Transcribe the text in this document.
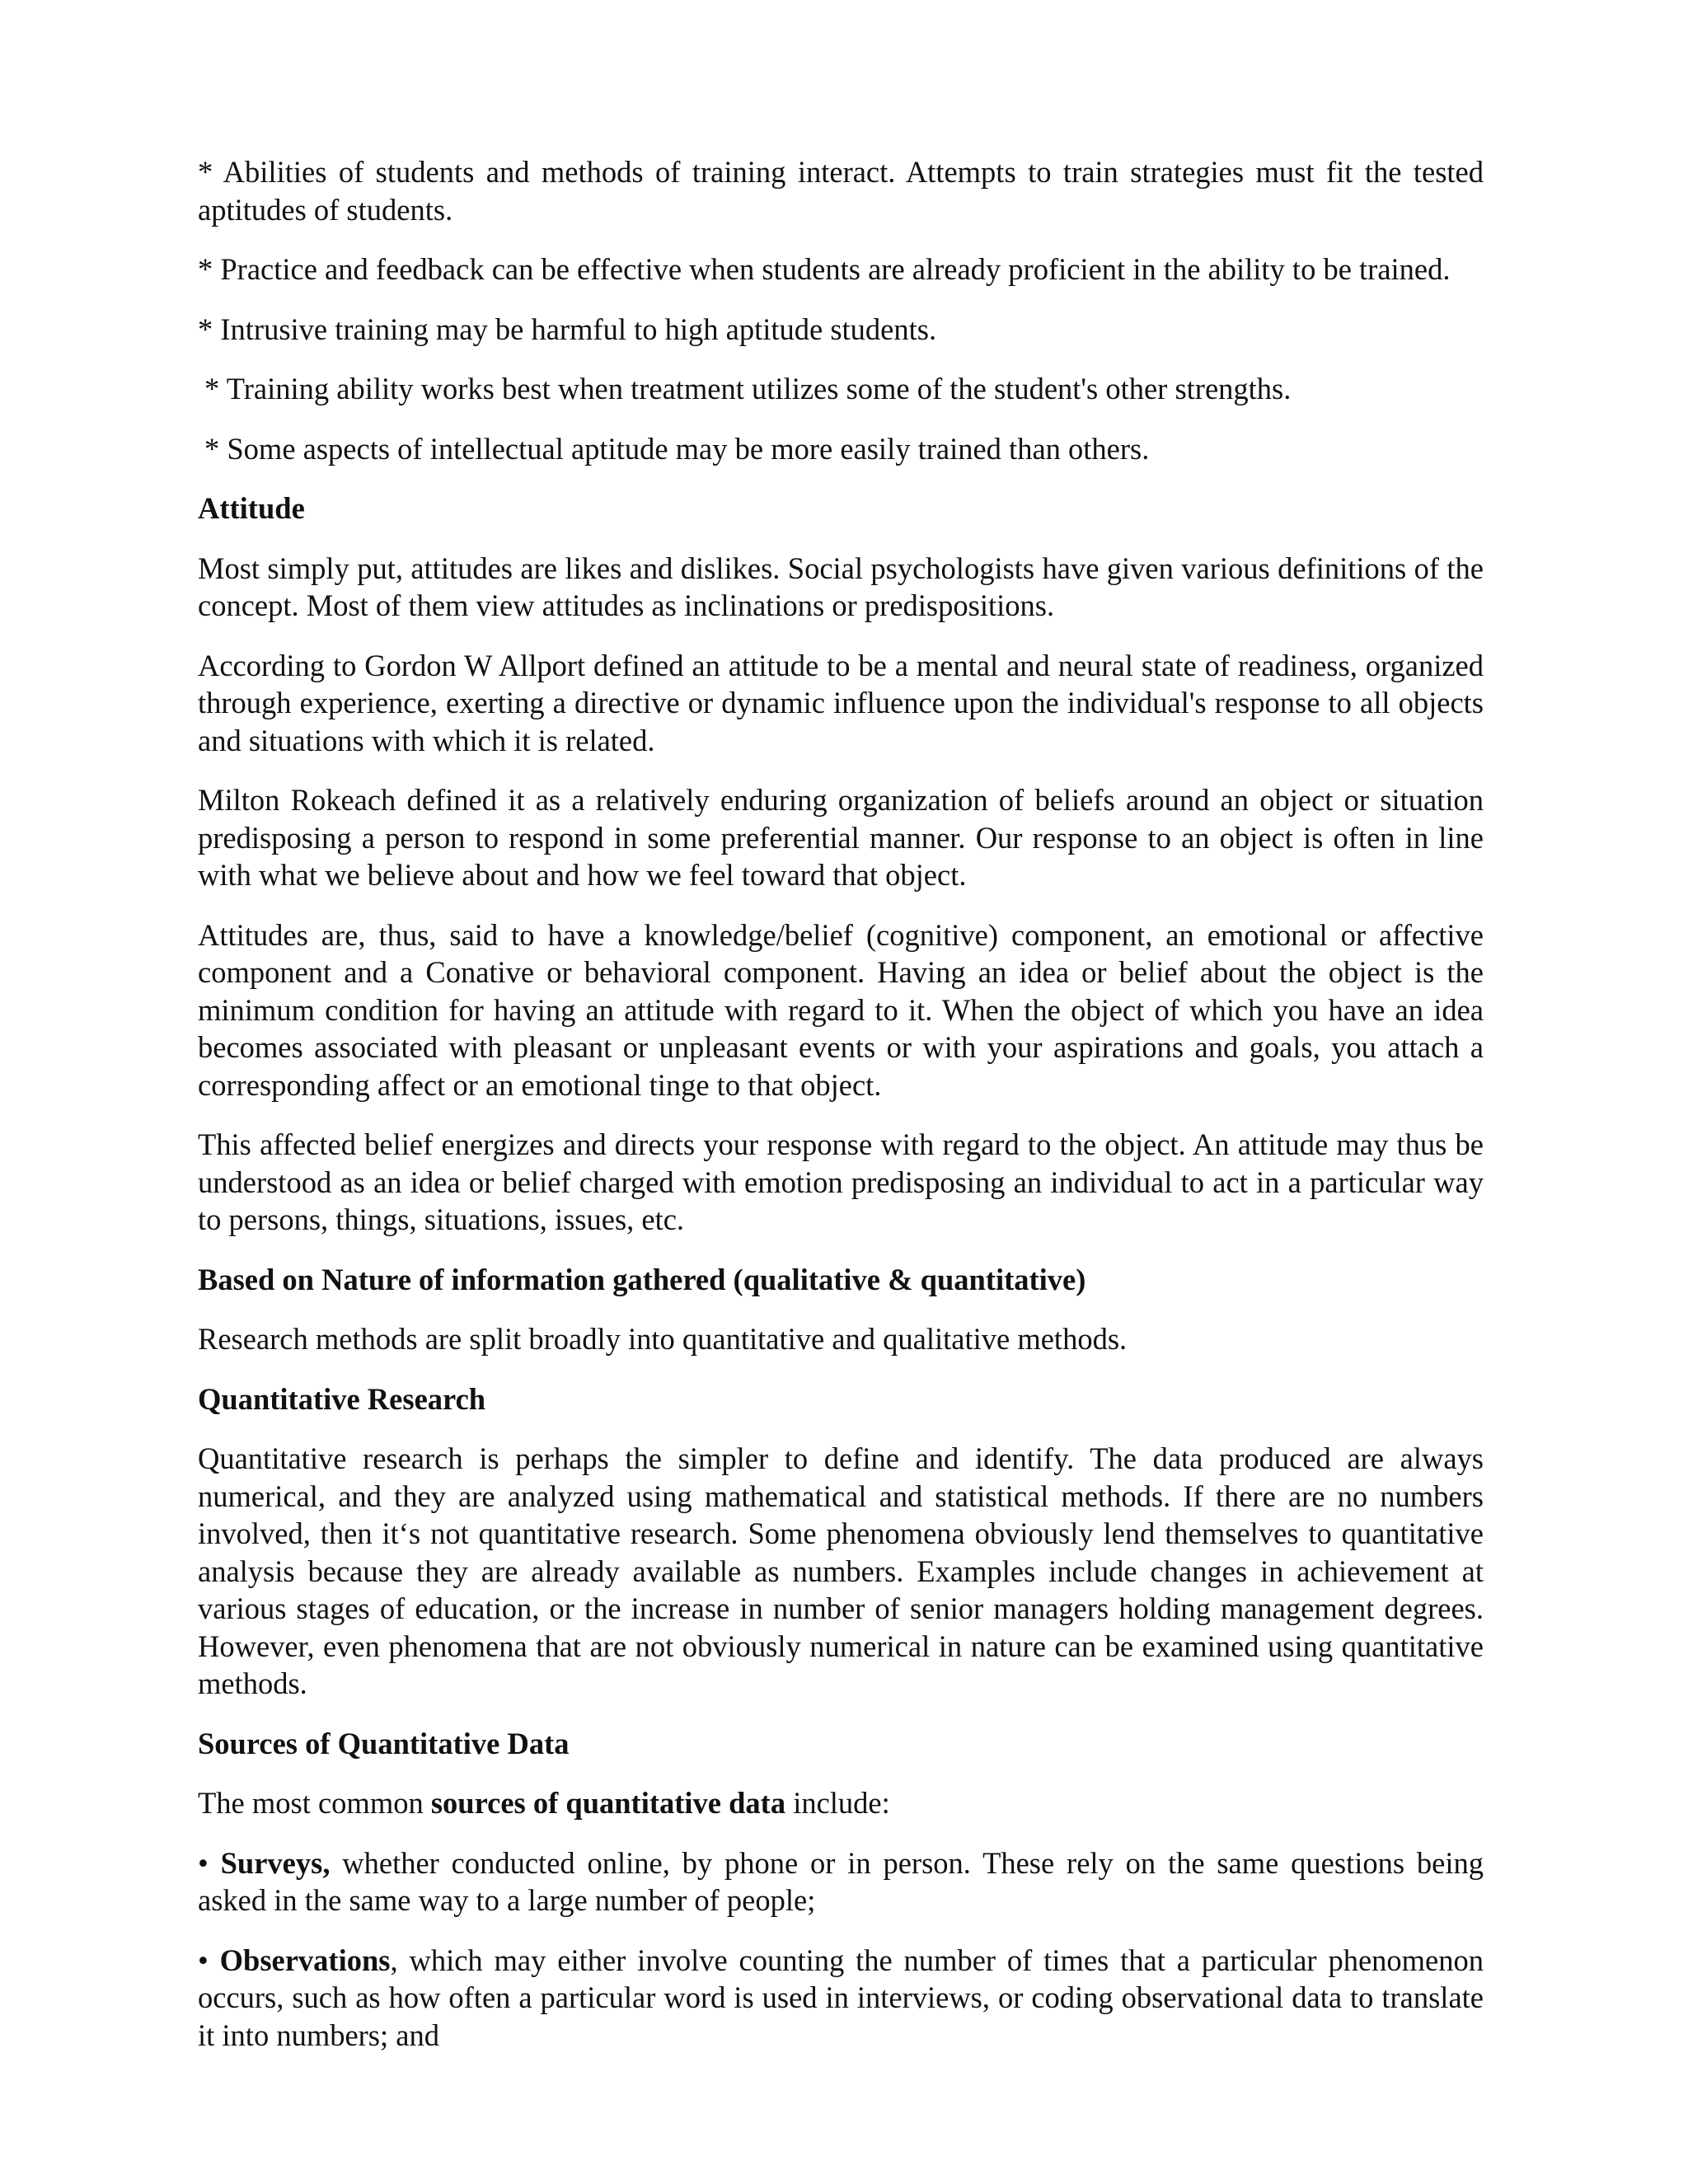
* Abilities of students and methods of training interact. Attempts to train strategies must fit the tested aptitudes of students.

* Practice and feedback can be effective when students are already proficient in the ability to be trained.

* Intrusive training may be harmful to high aptitude students.

* Training ability works best when treatment utilizes some of the student's other strengths.

* Some aspects of intellectual aptitude may be more easily trained than others.

Attitude

Most simply put, attitudes are likes and dislikes. Social psychologists have given various definitions of the concept. Most of them view attitudes as inclinations or predispositions.

According to Gordon W Allport defined an attitude to be a mental and neural state of readiness, organized through experience, exerting a directive or dynamic influence upon the individual's response to all objects and situations with which it is related.

Milton Rokeach defined it as a relatively enduring organization of beliefs around an object or situation predisposing a person to respond in some preferential manner. Our response to an object is often in line with what we believe about and how we feel toward that object.

Attitudes are, thus, said to have a knowledge/belief (cognitive) component, an emotional or affective component and a Conative or behavioral component. Having an idea or belief about the object is the minimum condition for having an attitude with regard to it. When the object of which you have an idea becomes associated with pleasant or unpleasant events or with your aspirations and goals, you attach a corresponding affect or an emotional tinge to that object.

This affected belief energizes and directs your response with regard to the object. An attitude may thus be understood as an idea or belief charged with emotion predisposing an individual to act in a particular way to persons, things, situations, issues, etc.

Based on Nature of information gathered (qualitative & quantitative)

Research methods are split broadly into quantitative and qualitative methods.

Quantitative Research

Quantitative research is perhaps the simpler to define and identify. The data produced are always numerical, and they are analyzed using mathematical and statistical methods. If there are no numbers involved, then it‘s not quantitative research. Some phenomena obviously lend themselves to quantitative analysis because they are already available as numbers. Examples include changes in achievement at various stages of education, or the increase in number of senior managers holding management degrees. However, even phenomena that are not obviously numerical in nature can be examined using quantitative methods.

Sources of Quantitative Data

The most common sources of quantitative data include:

• Surveys, whether conducted online, by phone or in person. These rely on the same questions being asked in the same way to a large number of people;

• Observations, which may either involve counting the number of times that a particular phenomenon occurs, such as how often a particular word is used in interviews, or coding observational data to translate it into numbers; and
